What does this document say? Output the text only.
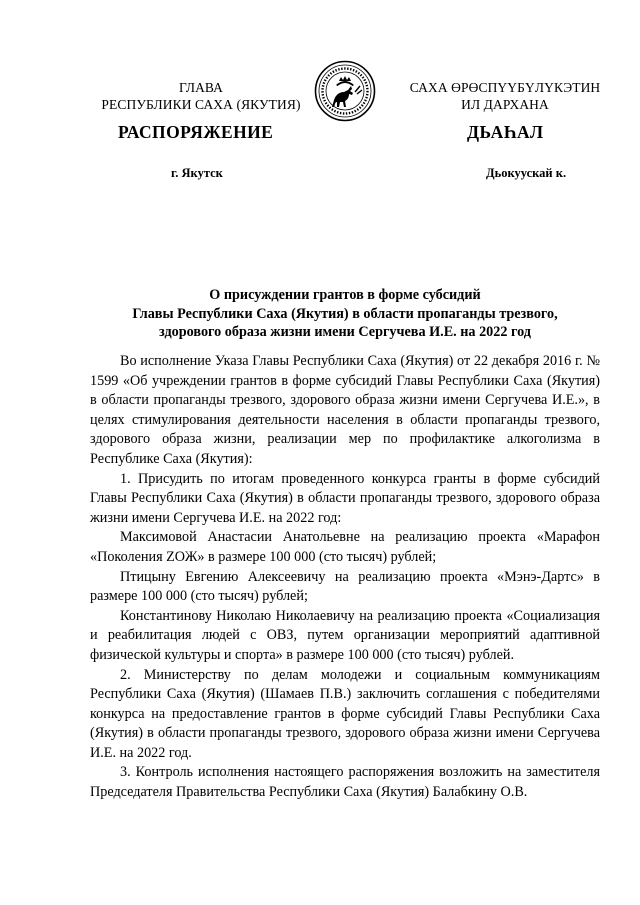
ГЛАВА
РЕСПУБЛИКИ САХА (ЯКУТИЯ)
САХА ӨРӨСПҮҮБҮЛҮКЭТИН
ИЛ ДАРХАНА
РАСПОРЯЖЕНИЕ	ДЬАҺАЛ
г. Якутск	Дьокуускай к.
О присуждении грантов в форме субсидий
Главы Республики Саха (Якутия) в области пропаганды трезвого,
здорового образа жизни имени Сергучева И.Е. на 2022 год

Во исполнение Указа Главы Республики Саха (Якутия) от 22 декабря 2016 г. № 1599 «Об учреждении грантов в форме субсидий Главы Республики Саха (Якутия) в области пропаганды трезвого, здорового образа жизни имени Сергучева И.Е.», в целях стимулирования деятельности населения в области пропаганды трезвого, здорового образа жизни, реализации мер по профилактике алкоголизма в Республике Саха (Якутия):

1. Присудить по итогам проведенного конкурса гранты в форме субсидий Главы Республики Саха (Якутия) в области пропаганды трезвого, здорового образа жизни имени Сергучева И.Е. на 2022 год:

Максимовой Анастасии Анатольевне на реализацию проекта «Марафон «Поколения ZОЖ» в размере 100 000 (сто тысяч) рублей;

Птицыну Евгению Алексеевичу на реализацию проекта «Мэнэ-Дартс» в размере 100 000 (сто тысяч) рублей;

Константинову Николаю Николаевичу на реализацию проекта «Социализация и реабилитация людей с ОВЗ, путем организации мероприятий адаптивной физической культуры и спорта» в размере 100 000 (сто тысяч) рублей.

2. Министерству по делам молодежи и социальным коммуникациям Республики Саха (Якутия) (Шамаев П.В.) заключить соглашения с победителями конкурса на предоставление грантов в форме субсидий Главы Республики Саха (Якутия) в области пропаганды трезвого, здорового образа жизни имени Сергучева И.Е. на 2022 год.

3. Контроль исполнения настоящего распоряжения возложить на заместителя Председателя Правительства Республики Саха (Якутия) Балабкину О.В.
